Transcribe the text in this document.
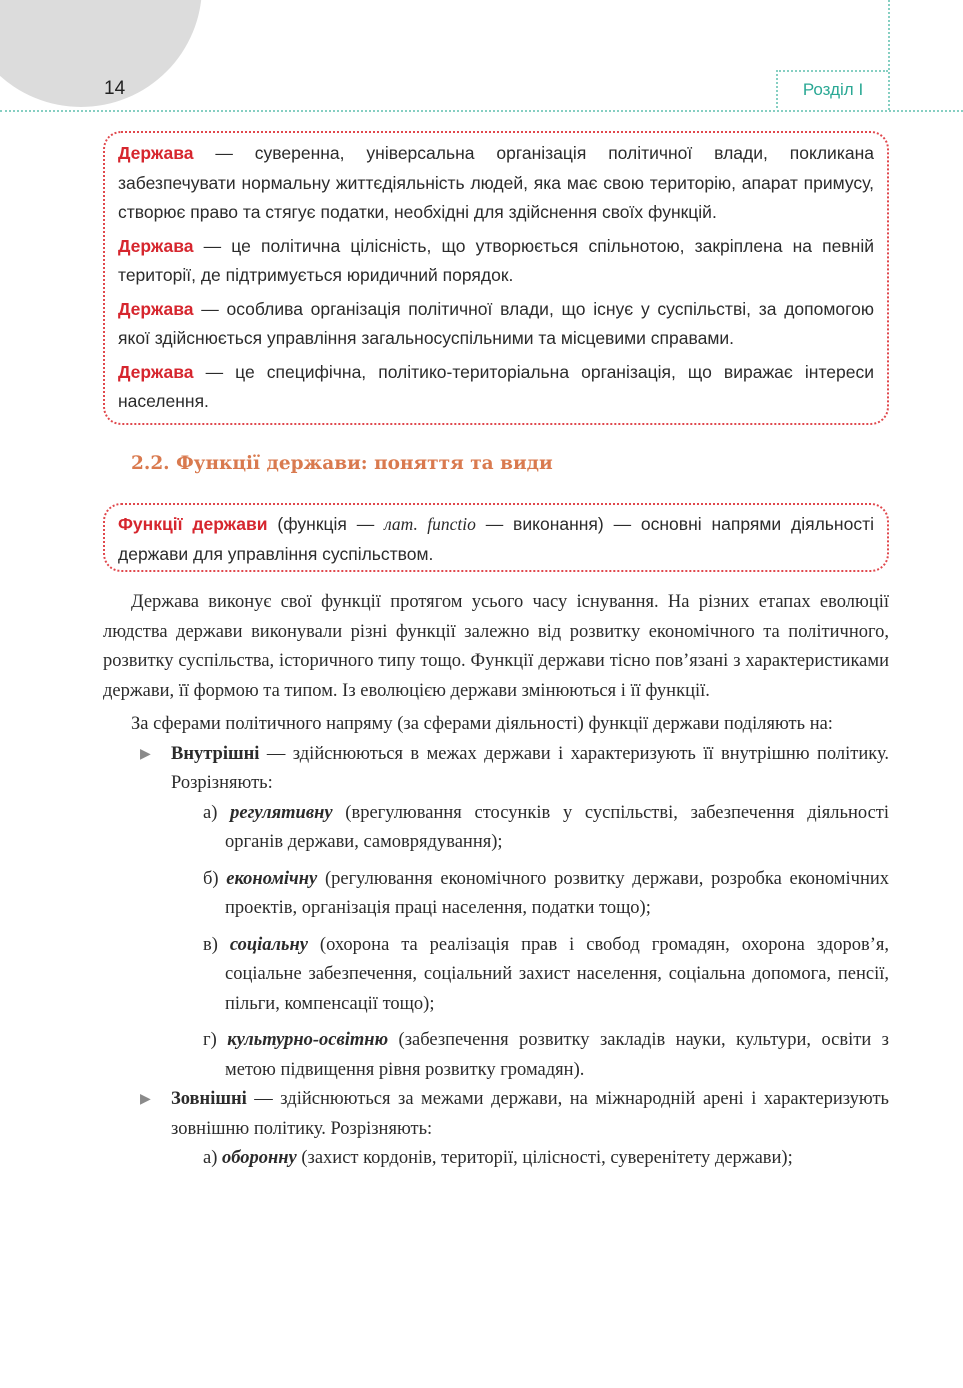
14	Розділ І

Держава — суверенна, універсальна організація політичної влади, покликана забезпечувати нормальну життєдіяльність людей, яка має свою територію, апарат примусу, створює право та стягує податки, необхідні для здійснення своїх функцій.

Держава — це політична цілісність, що утворюється спільнотою, закріплена на певній території, де підтримується юридичний порядок.

Держава — особлива організація політичної влади, що існує у суспільстві, за допомогою якої здійснюється управління загальносуспільними та місцевими справами.

Держава — це специфічна, політико-територіальна організація, що виражає інтереси населення.

2.2. Функції держави: поняття та види

Функції держави (функція — лат. functio — виконання) — основні напрями діяльності держави для управління суспільством.

Держава виконує свої функції протягом усього часу існування. На різних етапах еволюції людства держави виконували різні функції залежно від розвитку економічного та політичного, розвитку суспільства, історичного типу тощо. Функції держави тісно пов’язані з характеристиками держави, її формою та типом. Із еволюцією держави змінюються і її функції.

За сферами політичного напряму (за сферами діяльності) функції держави поділяють на:

▶ Внутрішні — здійснюються в межах держави і характеризують її внутрішню політику. Розрізняють:

а) регулятивну (врегулювання стосунків у суспільстві, забезпечення діяльності органів держави, самоврядування);

б) економічну (регулювання економічного розвитку держави, розробка економічних проектів, організація праці населення, податки тощо);

в) соціальну (охорона та реалізація прав і свобод громадян, охорона здоров’я, соціальне забезпечення, соціальний захист населення, соціальна допомога, пенсії, пільги, компенсації тощо);

г) культурно-освітню (забезпечення розвитку закладів науки, культури, освіти з метою підвищення рівня розвитку громадян).

▶ Зовнішні — здійснюються за межами держави, на міжнародній арені і характеризують зовнішню політику. Розрізняють:

а) оборонну (захист кордонів, території, цілісності, суверенітету держави);
